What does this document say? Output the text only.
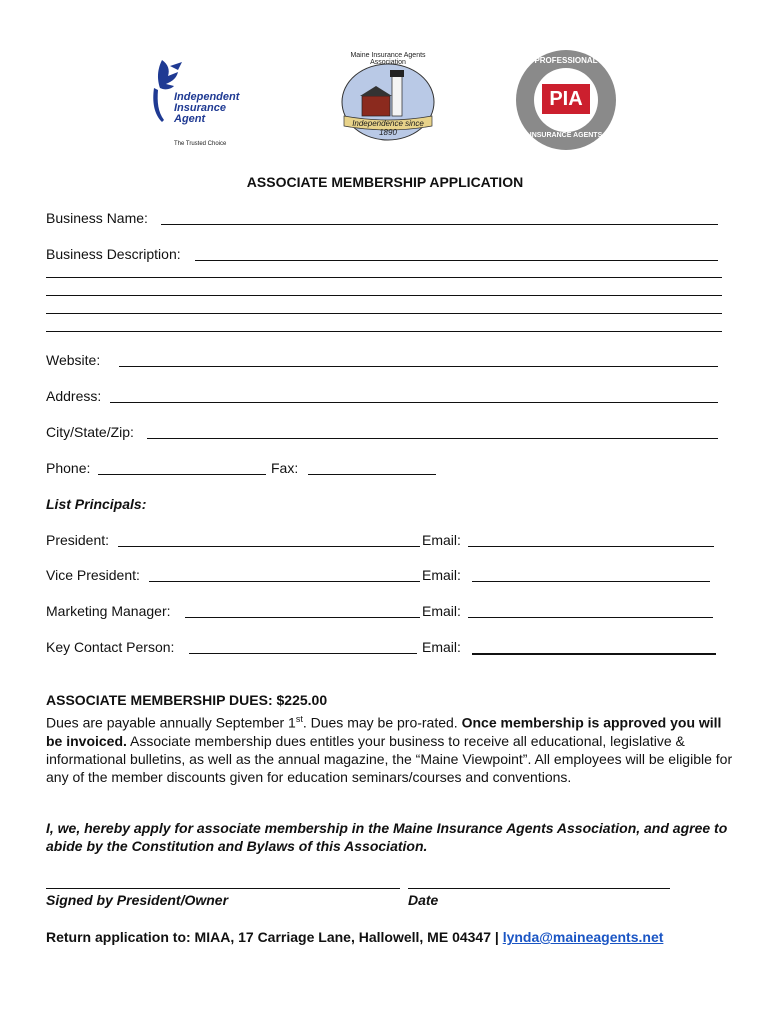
Independent
Insurance
Agent
The Trusted Choice
Maine Insurance Agents Association
Independence since 1890
PIA
PROFESSIONAL
INSURANCE AGENTS
ASSOCIATE MEMBERSHIP APPLICATION
Business Name:
Business Description:
Website:
Address:
City/State/Zip:
Phone:	Fax:
List Principals:
President:	Email:
Vice President:	Email:
Marketing Manager:	Email:
Key Contact Person:	Email:
ASSOCIATE MEMBERSHIP DUES: $225.00
Dues are payable annually September 1st. Dues may be pro-rated. Once membership is approved you will be invoiced. Associate membership dues entitles your business to receive all educational, legislative & informational bulletins, as well as the annual magazine, the “Maine Viewpoint”. All employees will be eligible for any of the member discounts given for education seminars/courses and conventions.
I, we, hereby apply for associate membership in the Maine Insurance Agents Association, and agree to abide by the Constitution and Bylaws of this Association.
Signed by President/Owner	Date
Return application to: MIAA, 17 Carriage Lane, Hallowell, ME 04347 | lynda@maineagents.net
